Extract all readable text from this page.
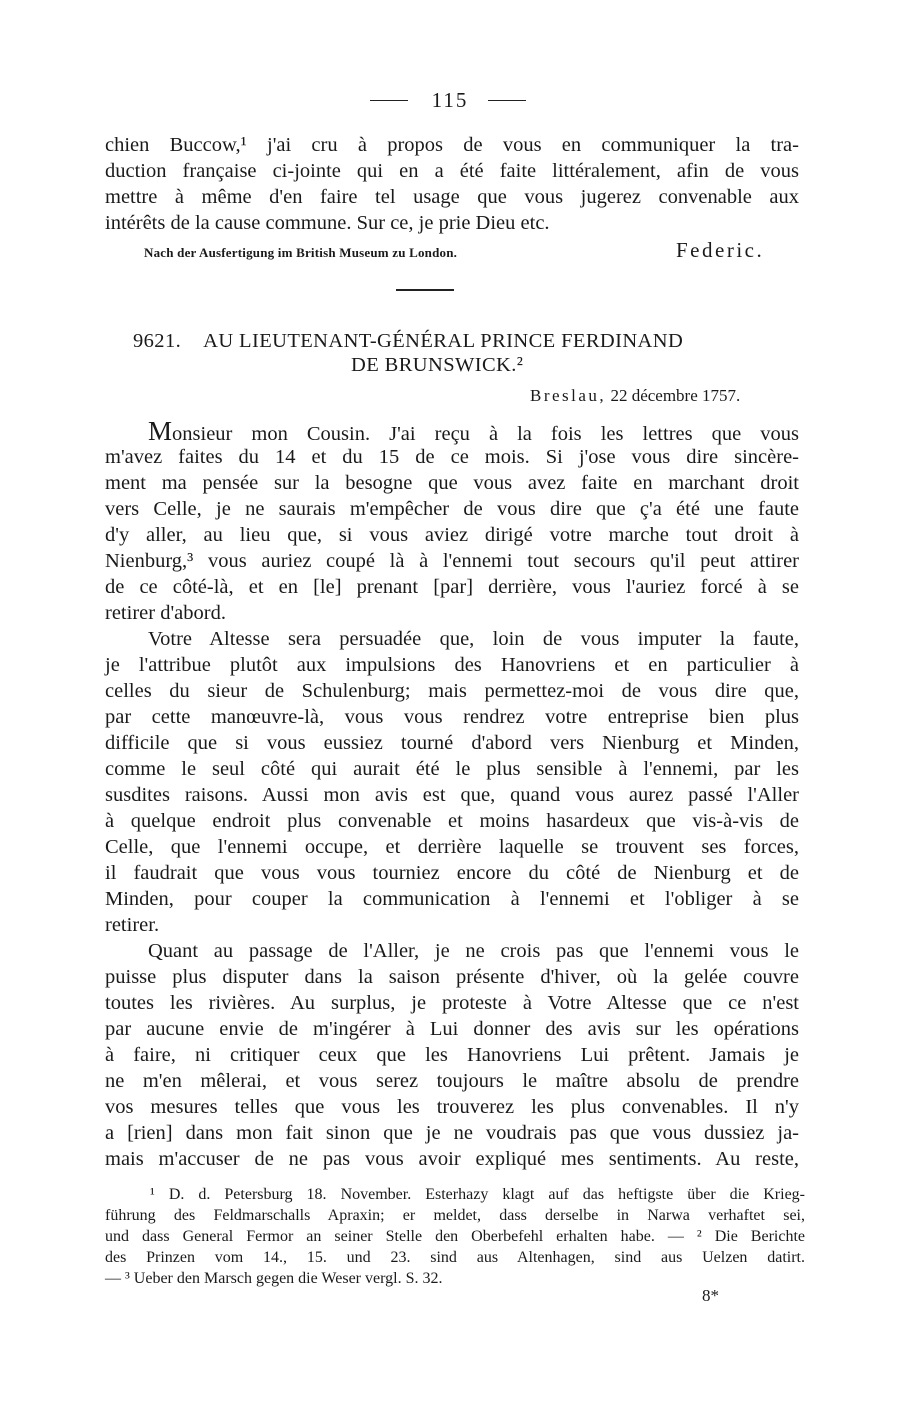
115
chien Buccow,¹ j'ai cru à propos de vous en communiquer la tra-
duction française ci-jointe qui en a été faite littéralement, afin de vous
mettre à même d'en faire tel usage que vous jugerez convenable aux
intérêts de la cause commune. Sur ce, je prie Dieu etc.
Nach der Ausfertigung im British Museum zu London.	Federic.
9621. AU LIEUTENANT-GÉNÉRAL PRINCE FERDINAND
DE BRUNSWICK.²
Breslau, 22 décembre 1757.
Monsieur mon Cousin. J'ai reçu à la fois les lettres que vous
m'avez faites du 14 et du 15 de ce mois. Si j'ose vous dire sincère-
ment ma pensée sur la besogne que vous avez faite en marchant droit
vers Celle, je ne saurais m'empêcher de vous dire que ç'a été une faute
d'y aller, au lieu que, si vous aviez dirigé votre marche tout droit à
Nienburg,³ vous auriez coupé là à l'ennemi tout secours qu'il peut attirer
de ce côté-là, et en [le] prenant [par] derrière, vous l'auriez forcé à se
retirer d'abord.
Votre Altesse sera persuadée que, loin de vous imputer la faute,
je l'attribue plutôt aux impulsions des Hanovriens et en particulier à
celles du sieur de Schulenburg; mais permettez-moi de vous dire que,
par cette manœuvre-là, vous vous rendrez votre entreprise bien plus
difficile que si vous eussiez tourné d'abord vers Nienburg et Minden,
comme le seul côté qui aurait été le plus sensible à l'ennemi, par les
susdites raisons. Aussi mon avis est que, quand vous aurez passé l'Aller
à quelque endroit plus convenable et moins hasardeux que vis-à-vis de
Celle, que l'ennemi occupe, et derrière laquelle se trouvent ses forces,
il faudrait que vous vous tourniez encore du côté de Nienburg et de
Minden, pour couper la communication à l'ennemi et l'obliger à se
retirer.
Quant au passage de l'Aller, je ne crois pas que l'ennemi vous le
puisse plus disputer dans la saison présente d'hiver, où la gelée couvre
toutes les rivières. Au surplus, je proteste à Votre Altesse que ce n'est
par aucune envie de m'ingérer à Lui donner des avis sur les opérations
à faire, ni critiquer ceux que les Hanovriens Lui prêtent. Jamais je
ne m'en mêlerai, et vous serez toujours le maître absolu de prendre
vos mesures telles que vous les trouverez les plus convenables. Il n'y
a [rien] dans mon fait sinon que je ne voudrais pas que vous dussiez ja-
mais m'accuser de ne pas vous avoir expliqué mes sentiments. Au reste,
¹ D. d. Petersburg 18. November. Esterhazy klagt auf das heftigste über die Krieg-
führung des Feldmarschalls Apraxin; er meldet, dass derselbe in Narwa verhaftet sei,
und dass General Fermor an seiner Stelle den Oberbefehl erhalten habe. — ² Die Berichte
des Prinzen vom 14., 15. und 23. sind aus Altenhagen, sind aus Uelzen datirt.
— ³ Ueber den Marsch gegen die Weser vergl. S. 32.
8*
